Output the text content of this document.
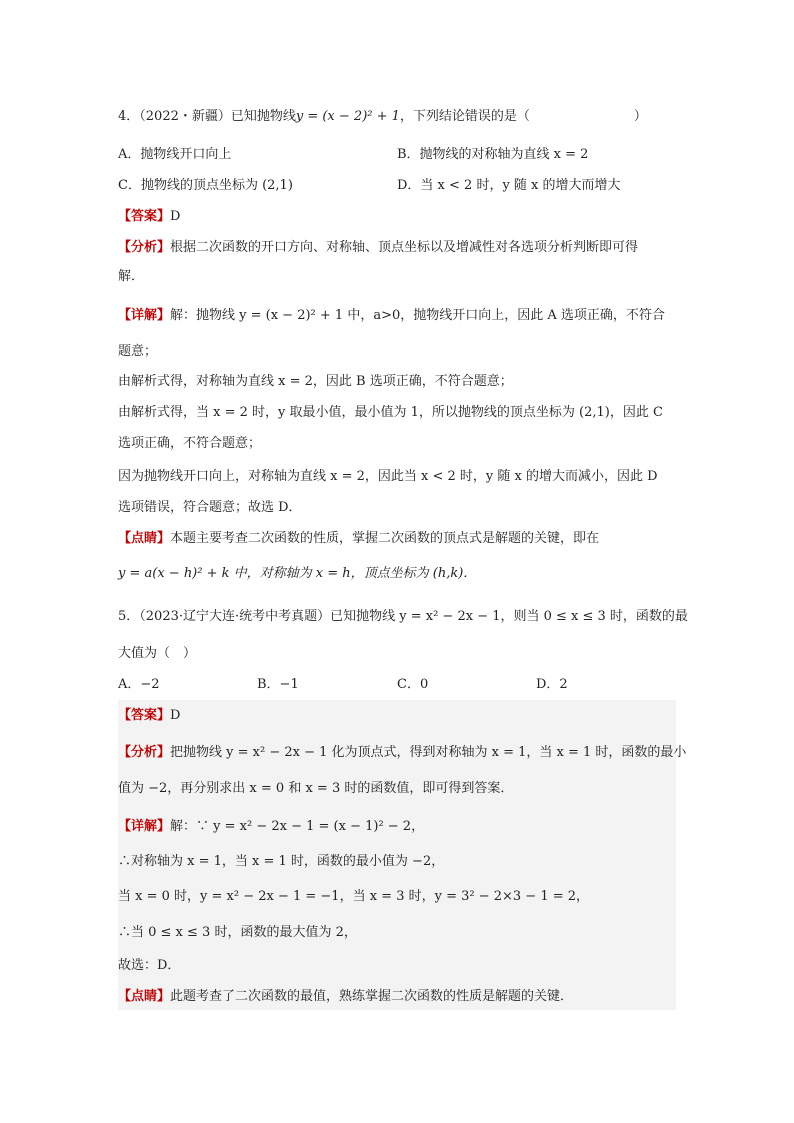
4．（2022・新疆）已知抛物线y = (x − 2)² + 1，下列结论错误的是（　　　　　　　　）
A．抛物线开口向上	B．抛物线的对称轴为直线 x = 2
C．抛物线的顶点坐标为 (2,1)	D．当 x < 2 时，y 随 x 的增大而增大
【答案】D
【分析】根据二次函数的开口方向、对称轴、顶点坐标以及增减性对各选项分析判断即可得
解．
【详解】解：抛物线 y = (x − 2)² + 1 中，a>0，抛物线开口向上，因此 A 选项正确，不符合
题意；
由解析式得，对称轴为直线 x = 2，因此 B 选项正确，不符合题意；
由解析式得，当 x = 2 时，y 取最小值，最小值为 1，所以抛物线的顶点坐标为 (2,1)，因此 C
选项正确，不符合题意；
因为抛物线开口向上，对称轴为直线 x = 2，因此当 x < 2 时，y 随 x 的增大而减小，因此 D
选项错误，符合题意；故选 D．
【点睛】本题主要考查二次函数的性质，掌握二次函数的顶点式是解题的关键，即在
y = a(x − h)² + k 中，对称轴为 x = h，顶点坐标为 (h,k)．
5．（2023·辽宁大连·统考中考真题）已知抛物线 y = x² − 2x − 1，则当 0 ≤ x ≤ 3 时，函数的最
大值为（　）
A．−2	B．−1	C．0	D．2
【答案】D
【分析】把抛物线 y = x² − 2x − 1 化为顶点式，得到对称轴为 x = 1，当 x = 1 时，函数的最小
值为 −2，再分别求出 x = 0 和 x = 3 时的函数值，即可得到答案．
【详解】解：∵ y = x² − 2x − 1 = (x − 1)² − 2，
∴对称轴为 x = 1，当 x = 1 时，函数的最小值为 −2，
当 x = 0 时，y = x² − 2x − 1 = −1，当 x = 3 时，y = 3² − 2×3 − 1 = 2，
∴当 0 ≤ x ≤ 3 时，函数的最大值为 2，
故选：D．
【点睛】此题考查了二次函数的最值，熟练掌握二次函数的性质是解题的关键．
